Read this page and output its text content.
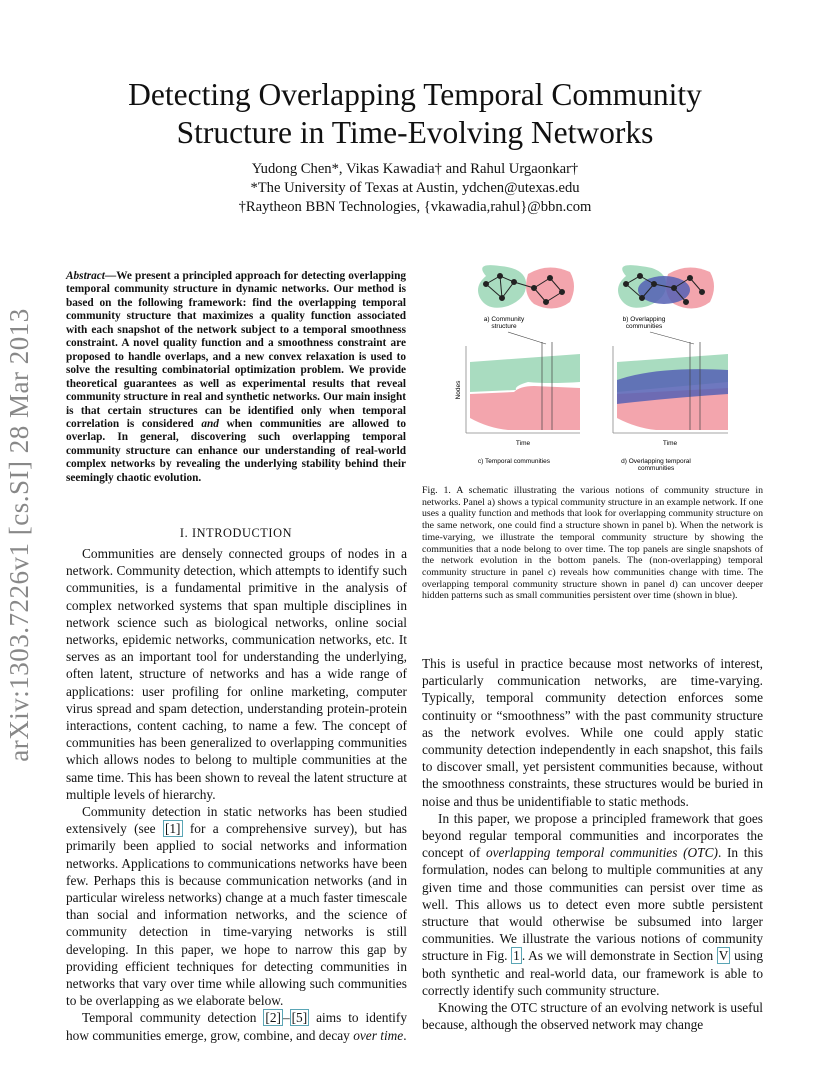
arXiv:1303.7226v1 [cs.SI] 28 Mar 2013
Detecting Overlapping Temporal Community
Structure in Time-Evolving Networks
Yudong Chen*, Vikas Kawadia† and Rahul Urgaonkar†
*The University of Texas at Austin, ydchen@utexas.edu
†Raytheon BBN Technologies, {vkawadia,rahul}@bbn.com
Abstract—We present a principled approach for detecting overlapping temporal community structure in dynamic networks. Our method is based on the following framework: find the overlapping temporal community structure that maximizes a quality function associated with each snapshot of the network subject to a temporal smoothness constraint. A novel quality function and a smoothness constraint are proposed to handle overlaps, and a new convex relaxation is used to solve the resulting combinatorial optimization problem. We provide theoretical guarantees as well as experimental results that reveal community structure in real and synthetic networks. Our main insight is that certain structures can be identified only when temporal correlation is considered and when communities are allowed to overlap. In general, discovering such overlapping temporal community structure can enhance our understanding of real-world complex networks by revealing the underlying stability behind their seemingly chaotic evolution.
I. INTRODUCTION

Communities are densely connected groups of nodes in a network. Community detection, which attempts to identify such communities, is a fundamental primitive in the analysis of complex networked systems that span multiple disciplines in network science such as biological networks, online social networks, epidemic networks, communication networks, etc. It serves as an important tool for understanding the underlying, often latent, structure of networks and has a wide range of applications: user profiling for online marketing, computer virus spread and spam detection, understanding protein-protein interactions, content caching, to name a few. The concept of communities has been generalized to overlapping communities which allows nodes to belong to multiple communities at the same time. This has been shown to reveal the latent structure at multiple levels of hierarchy.

Community detection in static networks has been studied extensively (see [1] for a comprehensive survey), but has primarily been applied to social networks and information networks. Applications to communications networks have been few. Perhaps this is because communication networks (and in particular wireless networks) change at a much faster timescale than social and information networks, and the science of community detection in time-varying networks is still developing. In this paper, we hope to narrow this gap by providing efficient techniques for detecting communities in networks that vary over time while allowing such communities to be overlapping as we elaborate below.

Temporal community detection [2] – [5] aims to identify how communities emerge, grow, combine, and decay over time.

a) Community
structure
b) Overlapping
communities
Nodes
Time	Time
c) Temporal communities	d) Overlapping temporal
communities
Fig. 1. A schematic illustrating the various notions of community structure in networks. Panel a) shows a typical community structure in an example network. If one uses a quality function and methods that look for overlapping community structure on the same network, one could find a structure shown in panel b). When the network is time-varying, we illustrate the temporal community structure by showing the communities that a node belong to over time. The top panels are single snapshots of the network evolution in the bottom panels. The (non-overlapping) temporal community structure in panel c) reveals how communities change with time. The overlapping temporal community structure shown in panel d) can uncover deeper hidden patterns such as small communities persistent over time (shown in blue).

This is useful in practice because most networks of interest, particularly communication networks, are time-varying. Typically, temporal community detection enforces some continuity or “smoothness” with the past community structure as the network evolves. While one could apply static community detection independently in each snapshot, this fails to discover small, yet persistent communities because, without the smoothness constraints, these structures would be buried in noise and thus be unidentifiable to static methods.

In this paper, we propose a principled framework that goes beyond regular temporal communities and incorporates the concept of overlapping temporal communities (OTC). In this formulation, nodes can belong to multiple communities at any given time and those communities can persist over time as well. This allows us to detect even more subtle persistent structure that would otherwise be subsumed into larger communities. We illustrate the various notions of community structure in Fig. 1 . As we will demonstrate in Section V using both synthetic and real-world data, our framework is able to correctly identify such community structure.

Knowing the OTC structure of an evolving network is useful because, although the observed network may change
